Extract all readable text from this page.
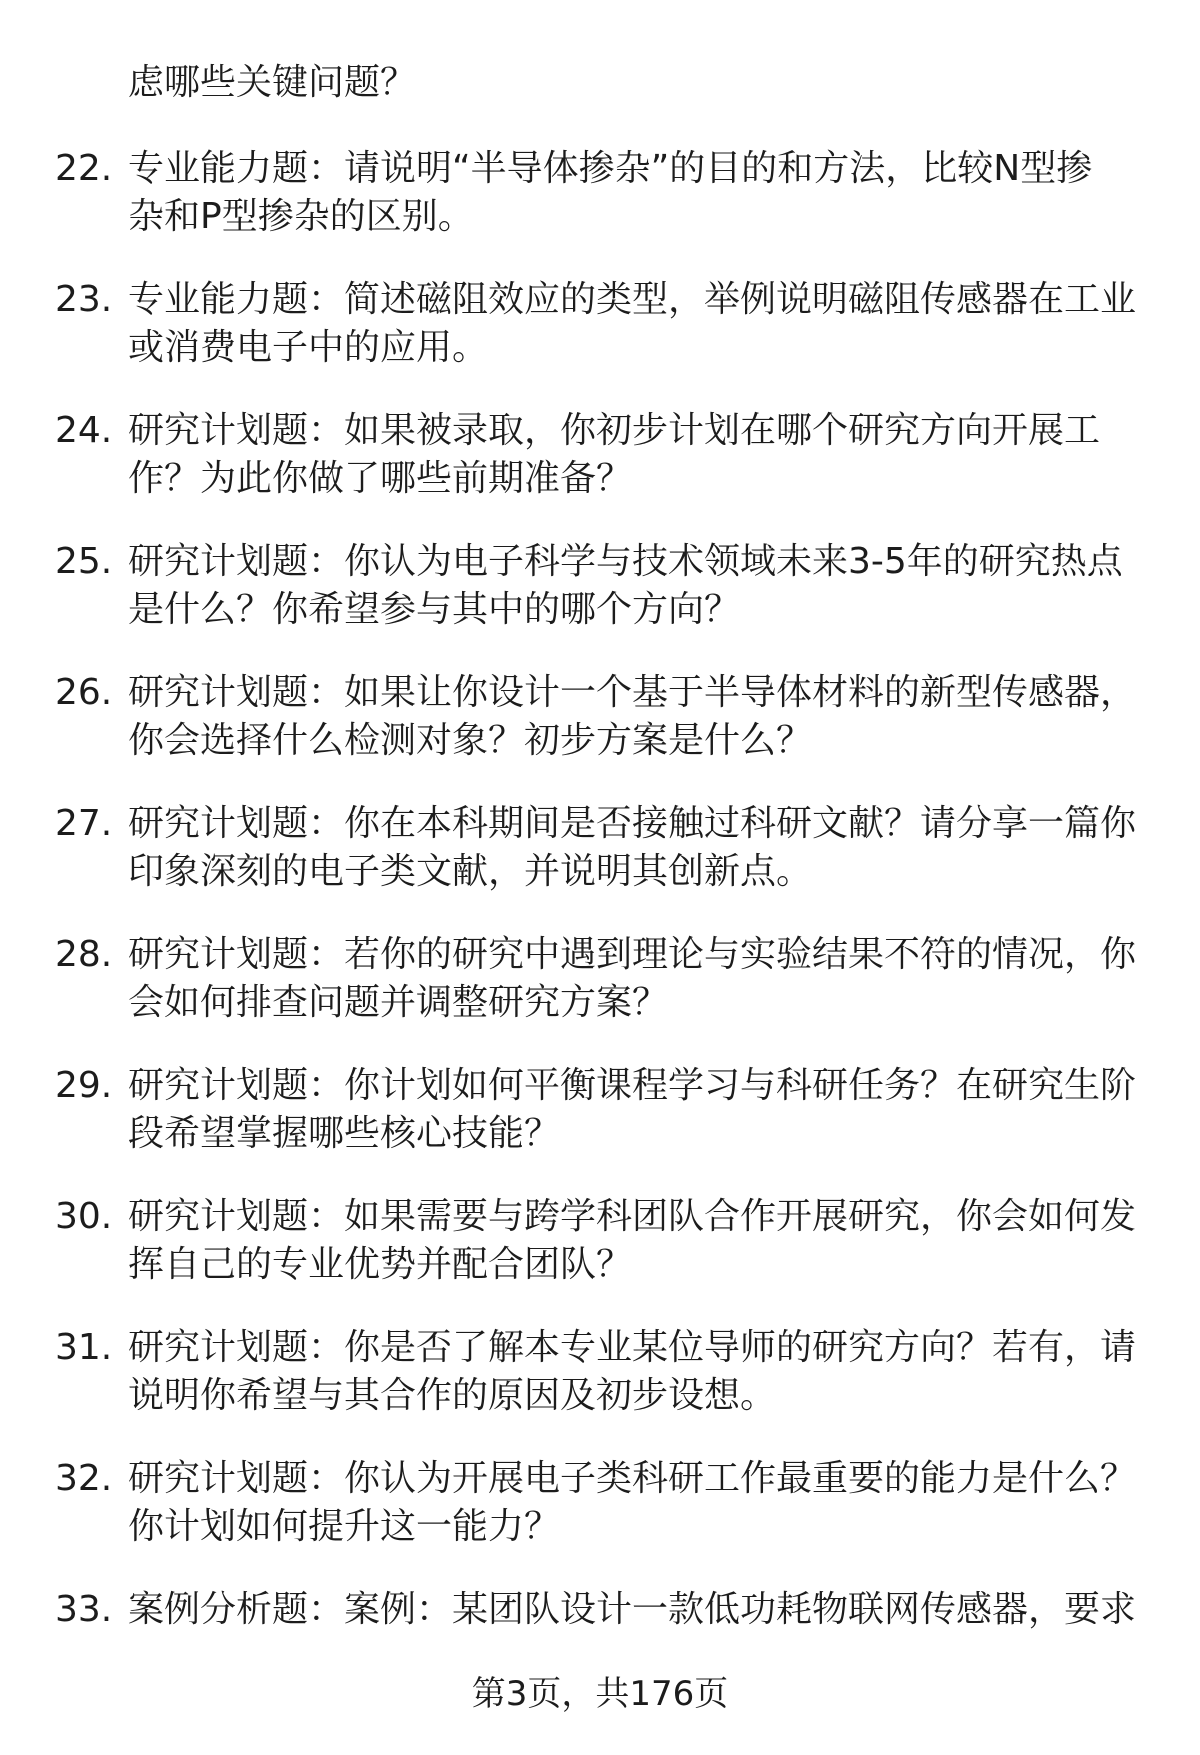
虑哪些关键问题？
22. 专业能力题：请说明“半导体掺杂”的目的和方法，比较N型掺
杂和P型掺杂的区别。
23. 专业能力题：简述磁阻效应的类型，举例说明磁阻传感器在工业
或消费电子中的应用。
24. 研究计划题：如果被录取，你初步计划在哪个研究方向开展工
作？为此你做了哪些前期准备？
25. 研究计划题：你认为电子科学与技术领域未来3-5年的研究热点
是什么？你希望参与其中的哪个方向？
26. 研究计划题：如果让你设计一个基于半导体材料的新型传感器，
你会选择什么检测对象？初步方案是什么？
27. 研究计划题：你在本科期间是否接触过科研文献？请分享一篇你
印象深刻的电子类文献，并说明其创新点。
28. 研究计划题：若你的研究中遇到理论与实验结果不符的情况，你
会如何排查问题并调整研究方案？
29. 研究计划题：你计划如何平衡课程学习与科研任务？在研究生阶
段希望掌握哪些核心技能？
30. 研究计划题：如果需要与跨学科团队合作开展研究，你会如何发
挥自己的专业优势并配合团队？
31. 研究计划题：你是否了解本专业某位导师的研究方向？若有，请
说明你希望与其合作的原因及初步设想。
32. 研究计划题：你认为开展电子类科研工作最重要的能力是什么？
你计划如何提升这一能力？
33. 案例分析题：案例：某团队设计一款低功耗物联网传感器，要求
第3页，共176页
